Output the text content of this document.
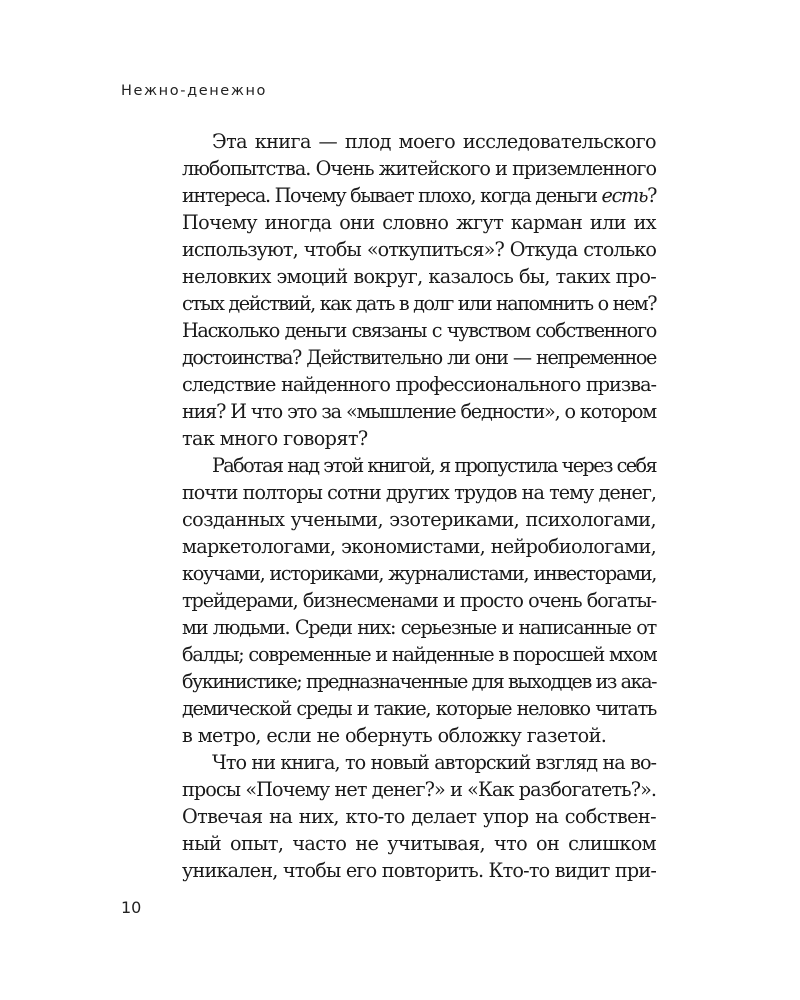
Нежно-денежно
Эта книга — плод моего исследовательского
любопытства. Очень житейского и приземленного
интереса. Почему бывает плохо, когда деньги есть?
Почему иногда они словно жгут карман или их
используют, чтобы «откупиться»? Откуда столько
неловких эмоций вокруг, казалось бы, таких про-
стых действий, как дать в долг или напомнить о нем?
Насколько деньги связаны с чувством собственного
достоинства? Действительно ли они — непременное
следствие найденного профессионального призва-
ния? И что это за «мышление бедности», о котором
так много говорят?
Работая над этой книгой, я пропустила через себя
почти полторы сотни других трудов на тему денег,
созданных учеными, эзотериками, психологами,
маркетологами, экономистами, нейробиологами,
коучами, историками, журналистами, инвесторами,
трейдерами, бизнесменами и просто очень богаты-
ми людьми. Среди них: серьезные и написанные от
балды; современные и найденные в поросшей мхом
букинистике; предназначенные для выходцев из ака-
демической среды и такие, которые неловко читать
в метро, если не обернуть обложку газетой.
Что ни книга, то новый авторский взгляд на во-
просы «Почему нет денег?» и «Как разбогатеть?».
Отвечая на них, кто-то делает упор на собствен-
ный опыт, часто не учитывая, что он слишком
уникален, чтобы его повторить. Кто-то видит при-
10
